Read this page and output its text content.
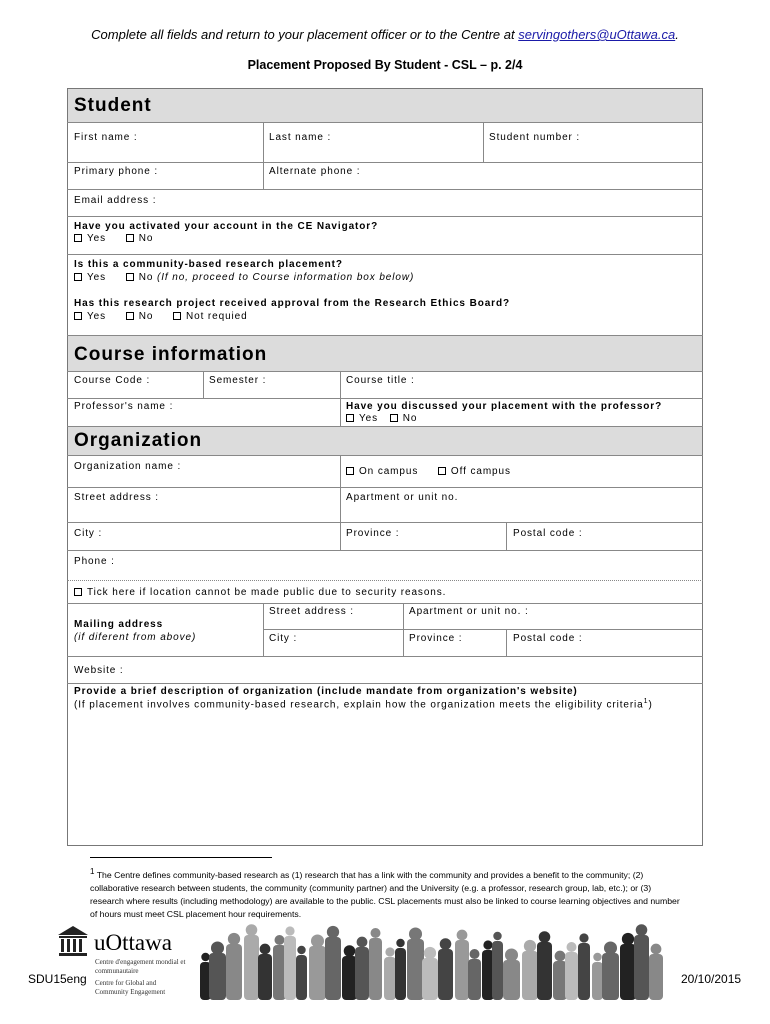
Complete all fields and return to your placement officer or to the Centre at servingothers@uOttawa.ca.
Placement Proposed By Student - CSL – p. 2/4
Student
First name :	Last name :	Student number :
Primary phone :	Alternate phone :
Email address :
Have you activated your account in the CE Navigator?
Yes	No
Is this a community-based research placement?
Yes	No (If no, proceed to Course information box below)
Has this research project received approval from the Research Ethics Board?
Yes	No	Not requied
Course information
Course Code :	Semester :	Course title :
Professor's name :	Have you discussed your placement with the professor?
Yes No
Organization
Organization name :	On campus	Off campus
Street address :	Apartment or unit no.
City :	Province :	Postal code :
Phone :
Tick here if location cannot be made public due to security reasons.
Mailing address
(if diferent from above)
Street address :	Apartment or unit no. :
City :	Province :	Postal code :
Website :
Provide a brief description of organization (include mandate from organization's website)
(If placement involves community-based research, explain how the organization meets the eligibility criteria$^1$)
$^1$ The Centre defines community-based research as (1) research that has a link with the community and provides a benefit to the community; (2) collaborative research between students, the community (community partner) and the University (e.g. a professor, research group, lab, etc.); or (3) research where results (including methodology) are available to the public. CSL placements must also be linked to course learning objectives and number of hours must meet CSL placement hour requirements.
uOttawa
Centre d'engagement mondial et communautaire
Centre for Global and Community Engagement
SDU15eng	20/10/2015
